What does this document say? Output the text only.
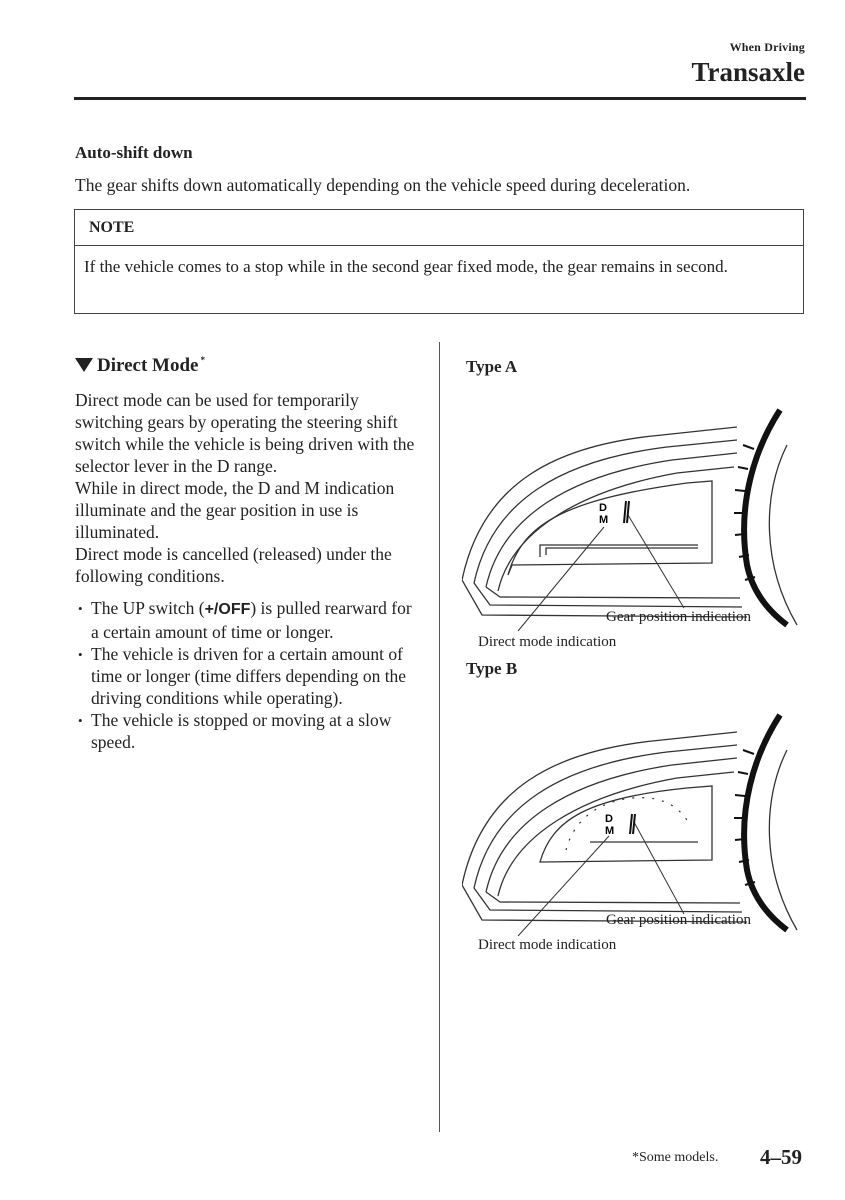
When Driving
Transaxle
Auto-shift down
The gear shifts down automatically depending on the vehicle speed during deceleration.
NOTE
If the vehicle comes to a stop while in the second gear fixed mode, the gear remains in second.
Direct Mode*

Direct mode can be used for temporarily switching gears by operating the steering shift switch while the vehicle is being driven with the selector lever in the D range.

While in direct mode, the D and M indication illuminate and the gear position in use is illuminated.

Direct mode is cancelled (released) under the following conditions.

• The UP switch (+/OFF) is pulled rearward for a certain amount of time or longer.
• The vehicle is driven for a certain amount of time or longer (time differs depending on the driving conditions while operating).
• The vehicle is stopped or moving at a slow speed.
Type A
D
M
Gear position indication
Direct mode indication
Type B
D
M
Gear position indication
Direct mode indication
*Some models. 4–59
